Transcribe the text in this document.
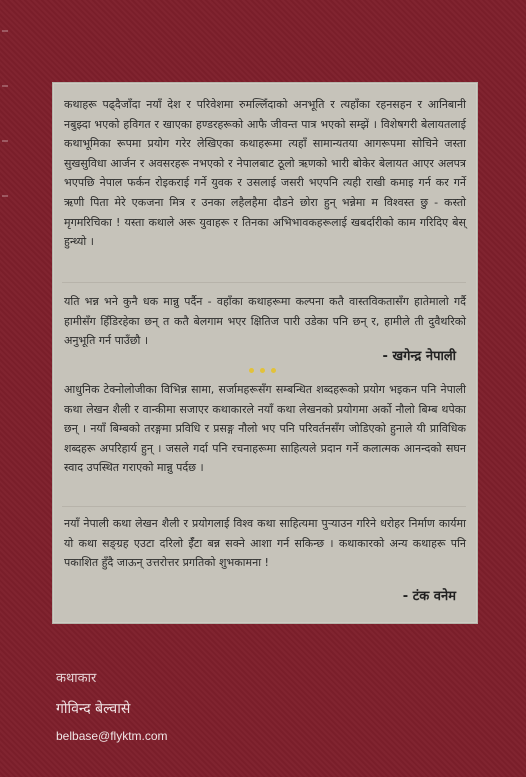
कथाहरू पढ्दैजाँदा नयाँ देश र परिवेशमा रुमल्लिँदाको अनभूति र त्यहाँका रहनसहन र आनिबानी नबुझ्दा भएको हविगत र खाएका हण्डरहरूको आफै जीवन्त पात्र भएको सम्झें । विशेषगरी बेलायतलाई कथाभूमिका रूपमा प्रयोग गरेर लेखिएका कथाहरूमा त्यहाँ सामान्यतया आगरूपमा सोचिने जस्ता सुखसुविधा आर्जन र अवसरहरू नभएको र नेपालबाट ठूलो ऋणको भारी बोकेर बेलायत आएर अलपत्र भएपछि नेपाल फर्कन रोइकराई गर्ने युवक र उसलाई जसरी भएपनि त्यही राखी कमाइ गर्न कर गर्ने ऋणी पिता मेरे एकजना मित्र र उनका लहैलहैमा दौडने छोरा हुन् भन्नेमा म विश्वस्त छु - कस्तो मृगमरिचिका ! यस्ता कथाले अरू युवाहरू र तिनका अभिभावकहरूलाई खबर्दारीको काम गरिदिए बेस् हुन्थ्यो ।
यति भन्न भने कुनै धक मान्नु पर्दैन - वहाँका कथाहरूमा कल्पना कतै वास्तविकतासँग हातेमालो गर्दै हामीसँग हिँडिरहेका छन् त कतै बेलगाम भएर क्षितिज पारी उडेका पनि छन् र, हामीले ती दुवैथरिको अनुभूति गर्न पाउँछौ ।
- खगेन्द्र नेपाली
आधुनिक टेक्नोलोजीका विभिन्न सामा, सर्जामहरूसँग सम्बन्धित शब्दहरूको प्रयोग भइकन पनि नेपाली कथा लेखन शैली र वान्कीमा सजाएर कथाकारले नयाँ कथा लेखनको प्रयोगमा अर्को नौलो बिम्ब थपेका छन् । नयाँ बिम्बको तरङ्गमा प्रविधि र प्रसङ्ग नौलो भए पनि परिवर्तनसँग जोडिएको हुनाले यी प्राविधिक शब्दहरू अपरिहार्य हुन् । जसले गर्दा पनि रचनाहरूमा साहित्यले प्रदान गर्ने कलात्मक आनन्दको सघन स्वाद उपस्थित गराएको मान्नु पर्दछ ।
नयाँ नेपाली कथा लेखन शैली र प्रयोगलाई विश्व कथा साहित्यमा पुऱ्याउन गरिने धरोहर निर्माण कार्यमा यो कथा सङ्ग्रह एउटा दरिलो ईँटा बन्न सक्ने आशा गर्न सकिन्छ । कथाकारको अन्य कथाहरू पनि पकाशित हुँदै जाऊन् उत्तरोत्तर प्रगतिको शुभकामना !
- टंक वनेम
कथाकार
गोविन्द बेल्वासे
belbase@flyktm.com
